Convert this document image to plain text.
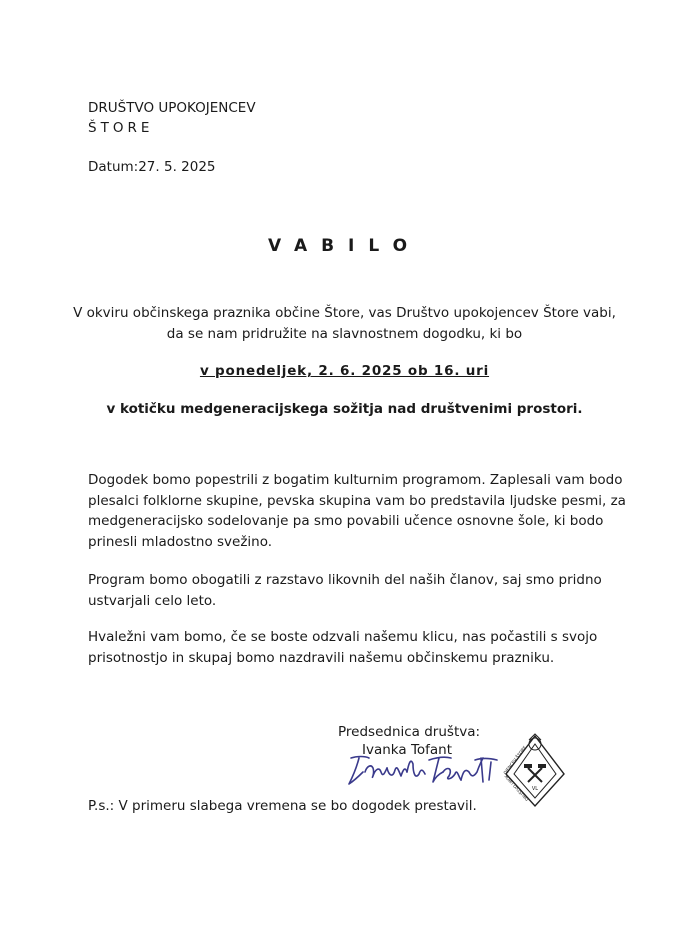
DRUŠTVO UPOKOJENCEV
ŠTORE
Datum:27. 5. 2025
VABILO
V okviru občinskega praznika občine Štore, vas Društvo upokojencev Štore vabi,
da se nam pridružite na slavnostnem dogodku, ki bo
v ponedeljek, 2. 6. 2025 ob 16. uri
v kotičku medgeneracijskega sožitja nad društvenimi prostori.
Dogodek bomo popestrili z bogatim kulturnim programom. Zaplesali vam bodo plesalci folklorne skupine, pevska skupina vam bo predstavila ljudske pesmi, za medgeneracijsko sodelovanje pa smo povabili učence osnovne šole, ki bodo prinesli mladostno svežino.
Program bomo obogatili z razstavo likovnih del naših članov, saj smo pridno ustvarjali celo leto.
Hvaležni vam bomo, če se boste odzvali našemu klicu, nas počastili s svojo prisotnostjo in skupaj bomo nazdravili našemu občinskemu prazniku.
Predsednica društva:
Ivanka Tofant
VL
DRUŠTVO UPOKOJENCEV ŠTORE
P.s.: V primeru slabega vremena se bo dogodek prestavil.
